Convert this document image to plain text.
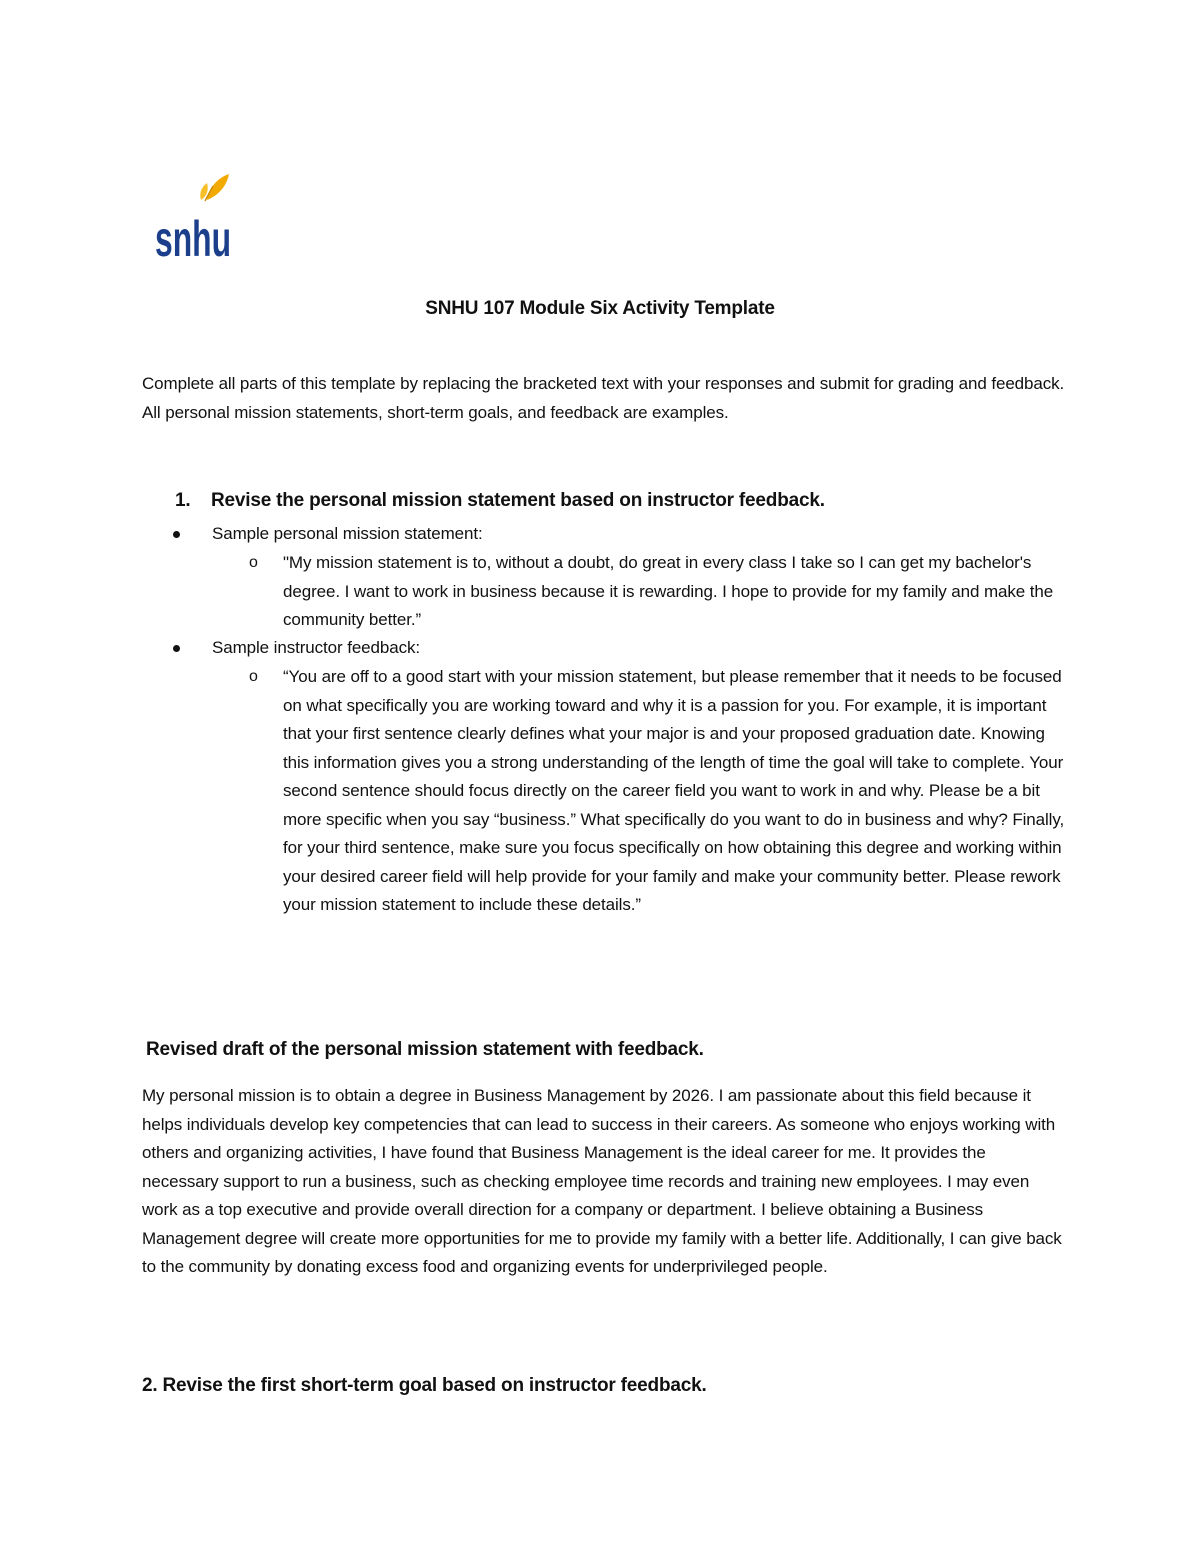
snhu
SNHU 107 Module Six Activity Template
Complete all parts of this template by replacing the bracketed text with your responses and submit for grading and feedback. All personal mission statements, short-term goals, and feedback are examples.
1. Revise the personal mission statement based on instructor feedback.
Sample personal mission statement:
o "My mission statement is to, without a doubt, do great in every class I take so I can get my bachelor's degree. I want to work in business because it is rewarding. I hope to provide for my family and make the community better.”
Sample instructor feedback:
o “You are off to a good start with your mission statement, but please remember that it needs to be focused on what specifically you are working toward and why it is a passion for you. For example, it is important that your first sentence clearly defines what your major is and your proposed graduation date. Knowing this information gives you a strong understanding of the length of time the goal will take to complete. Your second sentence should focus directly on the career field you want to work in and why. Please be a bit more specific when you say “business.” What specifically do you want to do in business and why? Finally, for your third sentence, make sure you focus specifically on how obtaining this degree and working within your desired career field will help provide for your family and make your community better. Please rework your mission statement to include these details.”
Revised draft of the personal mission statement with feedback.
My personal mission is to obtain a degree in Business Management by 2026. I am passionate about this field because it helps individuals develop key competencies that can lead to success in their careers. As someone who enjoys working with others and organizing activities, I have found that Business Management is the ideal career for me. It provides the necessary support to run a business, such as checking employee time records and training new employees. I may even work as a top executive and provide overall direction for a company or department. I believe obtaining a Business Management degree will create more opportunities for me to provide my family with a better life. Additionally, I can give back to the community by donating excess food and organizing events for underprivileged people.
2. Revise the first short-term goal based on instructor feedback.
